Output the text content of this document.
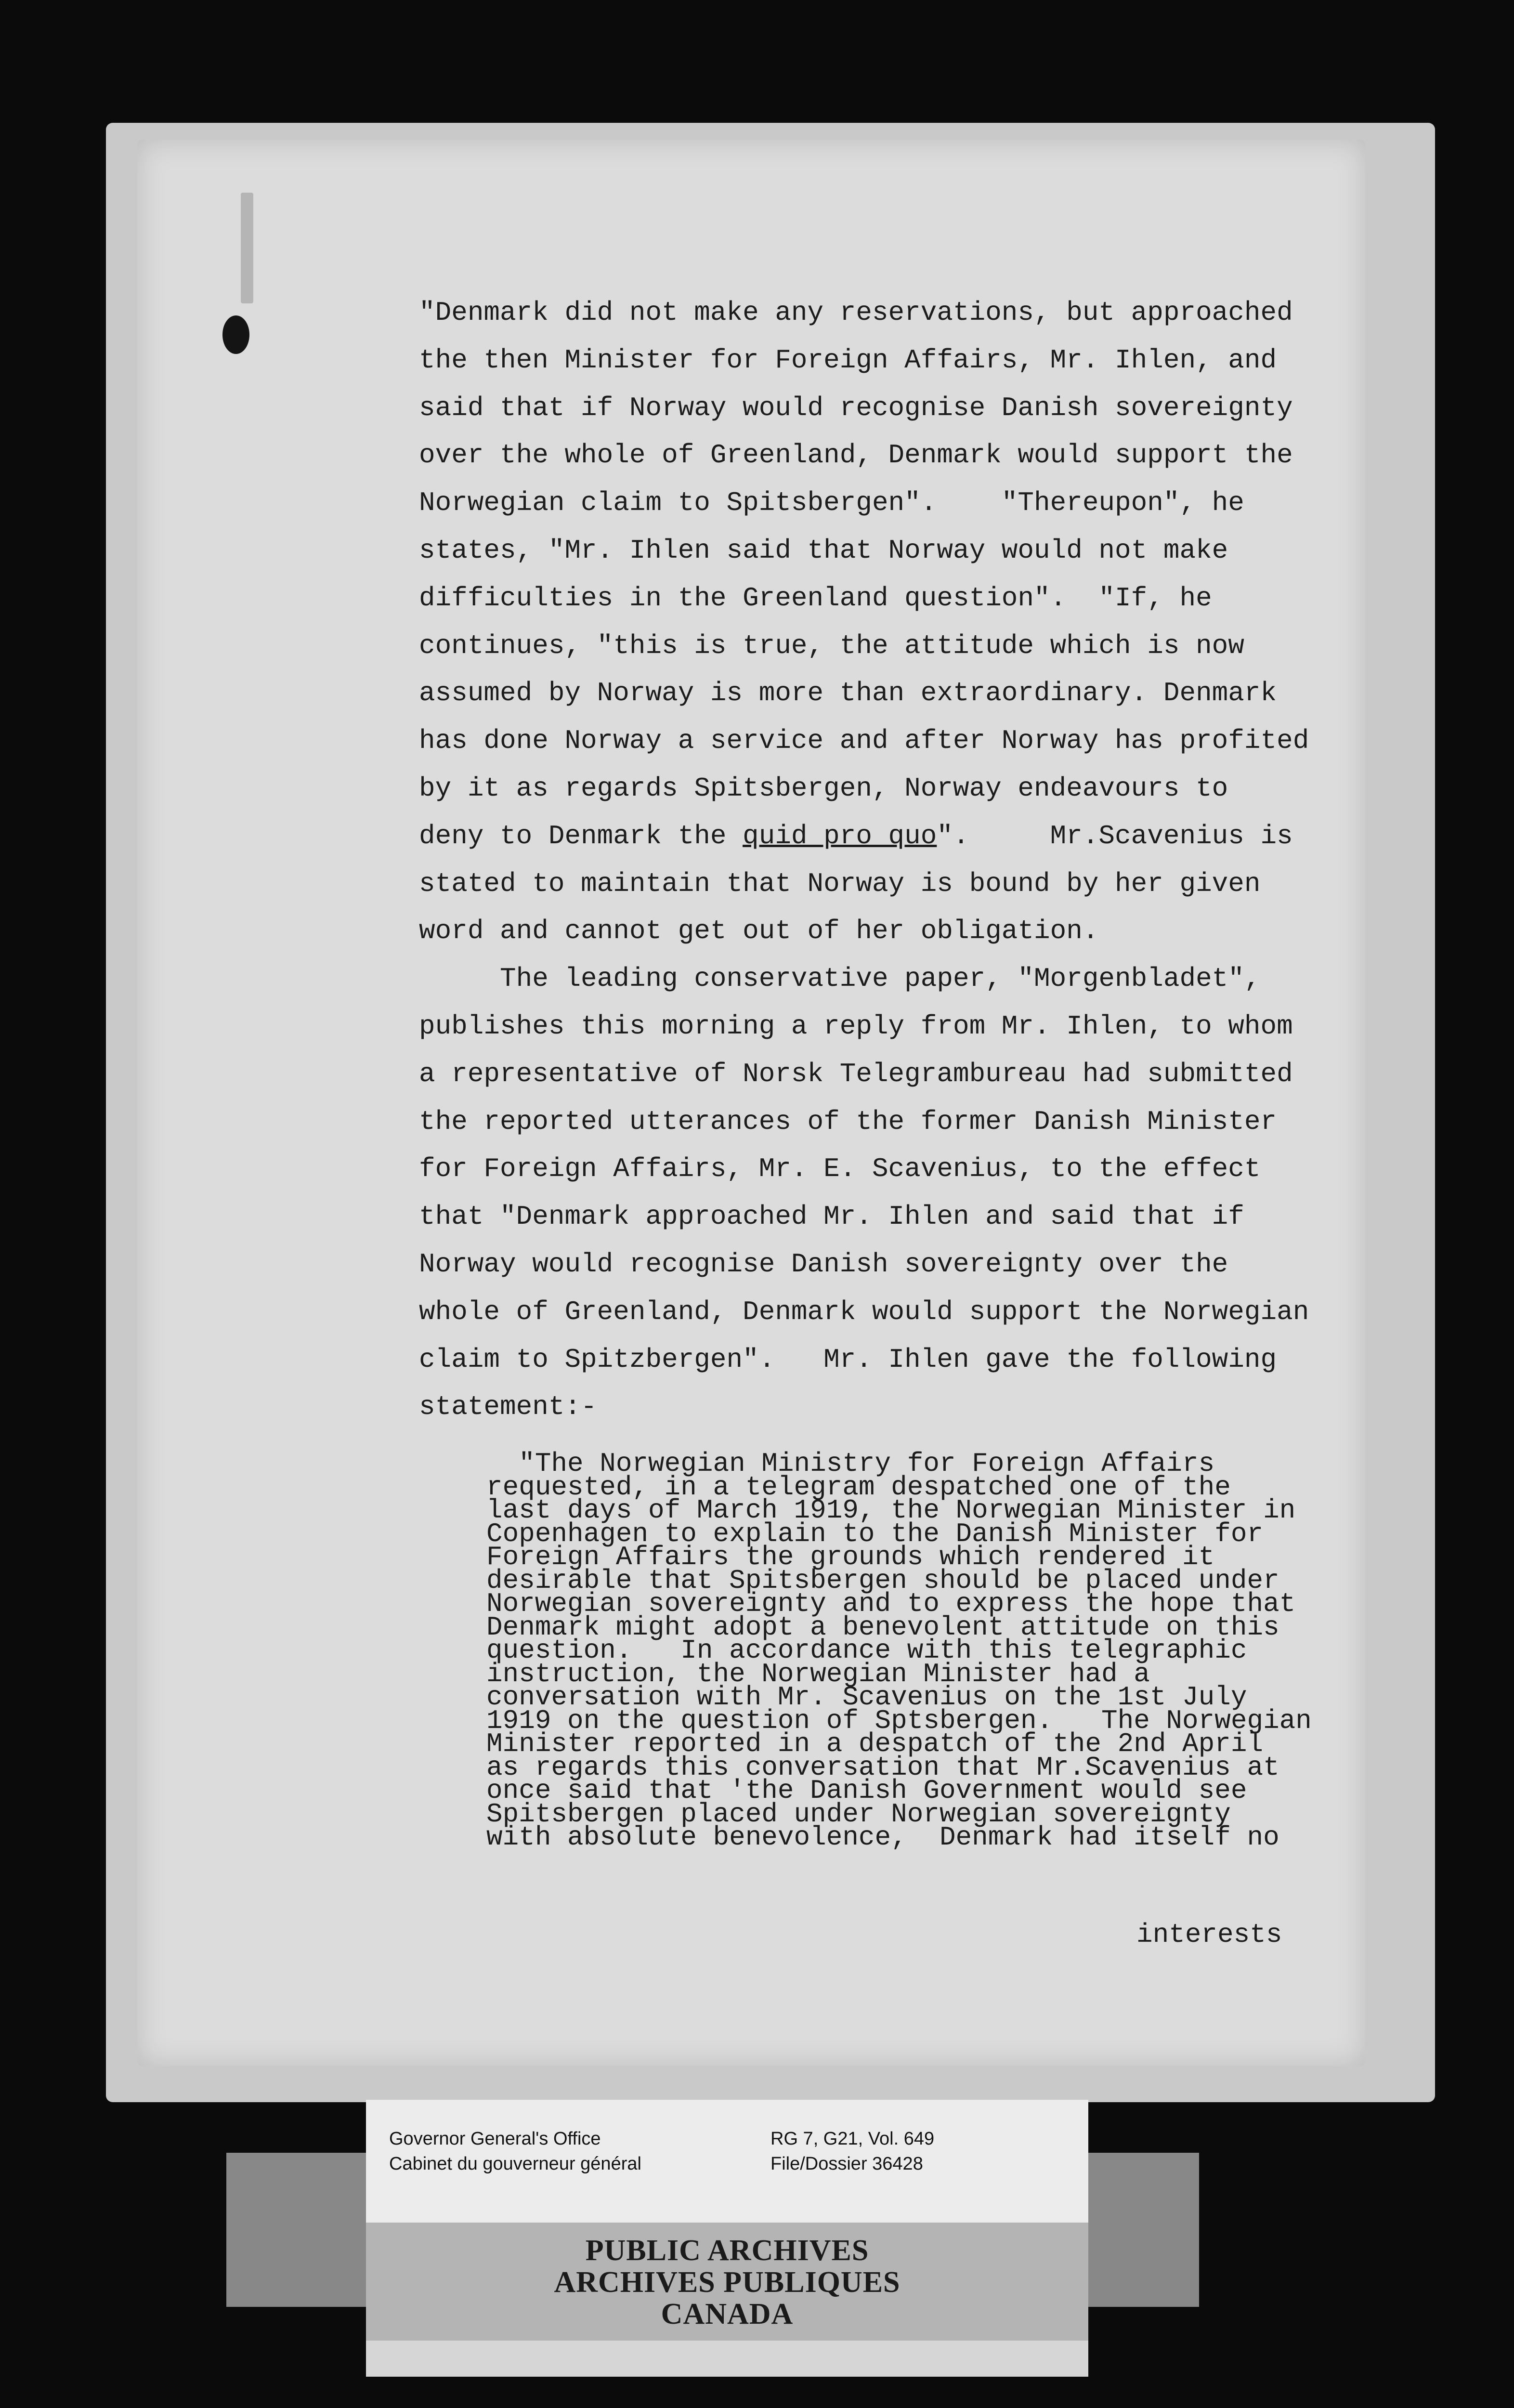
"Denmark did not make any reservations, but approached
the then Minister for Foreign Affairs, Mr. Ihlen, and
said that if Norway would recognise Danish sovereignty
over the whole of Greenland, Denmark would support the
Norwegian claim to Spitsbergen".    "Thereupon", he
states, "Mr. Ihlen said that Norway would not make
difficulties in the Greenland question".  "If, he
continues, "this is true, the attitude which is now
assumed by Norway is more than extraordinary. Denmark
has done Norway a service and after Norway has profited
by it as regards Spitsbergen, Norway endeavours to
deny to Denmark the quid pro quo".     Mr.Scavenius is
stated to maintain that Norway is bound by her given
word and cannot get out of her obligation.
The leading conservative paper, "Morgenbladet",
publishes this morning a reply from Mr. Ihlen, to whom
a representative of Norsk Telegrambureau had submitted
the reported utterances of the former Danish Minister
for Foreign Affairs, Mr. E. Scavenius, to the effect
that "Denmark approached Mr. Ihlen and said that if
Norway would recognise Danish sovereignty over the
whole of Greenland, Denmark would support the Norwegian
claim to Spitzbergen".   Mr. Ihlen gave the following
statement:-
"The Norwegian Ministry for Foreign Affairs
requested, in a telegram despatched one of the
last days of March 1919, the Norwegian Minister in
Copenhagen to explain to the Danish Minister for
Foreign Affairs the grounds which rendered it
desirable that Spitsbergen should be placed under
Norwegian sovereignty and to express the hope that
Denmark might adopt a benevolent attitude on this
question.   In accordance with this telegraphic
instruction, the Norwegian Minister had a
conversation with Mr. Scavenius on the 1st July
1919 on the question of Sptsbergen.   The Norwegian
Minister reported in a despatch of the 2nd April
as regards this conversation that Mr.Scavenius at
once said that 'the Danish Government would see
Spitsbergen placed under Norwegian sovereignty
with absolute benevolence,  Denmark had itself no
interests
Governor General's Office
Cabinet du gouverneur général
RG 7, G21, Vol. 649
File/Dossier 36428
PUBLIC ARCHIVES
ARCHIVES PUBLIQUES
CANADA
